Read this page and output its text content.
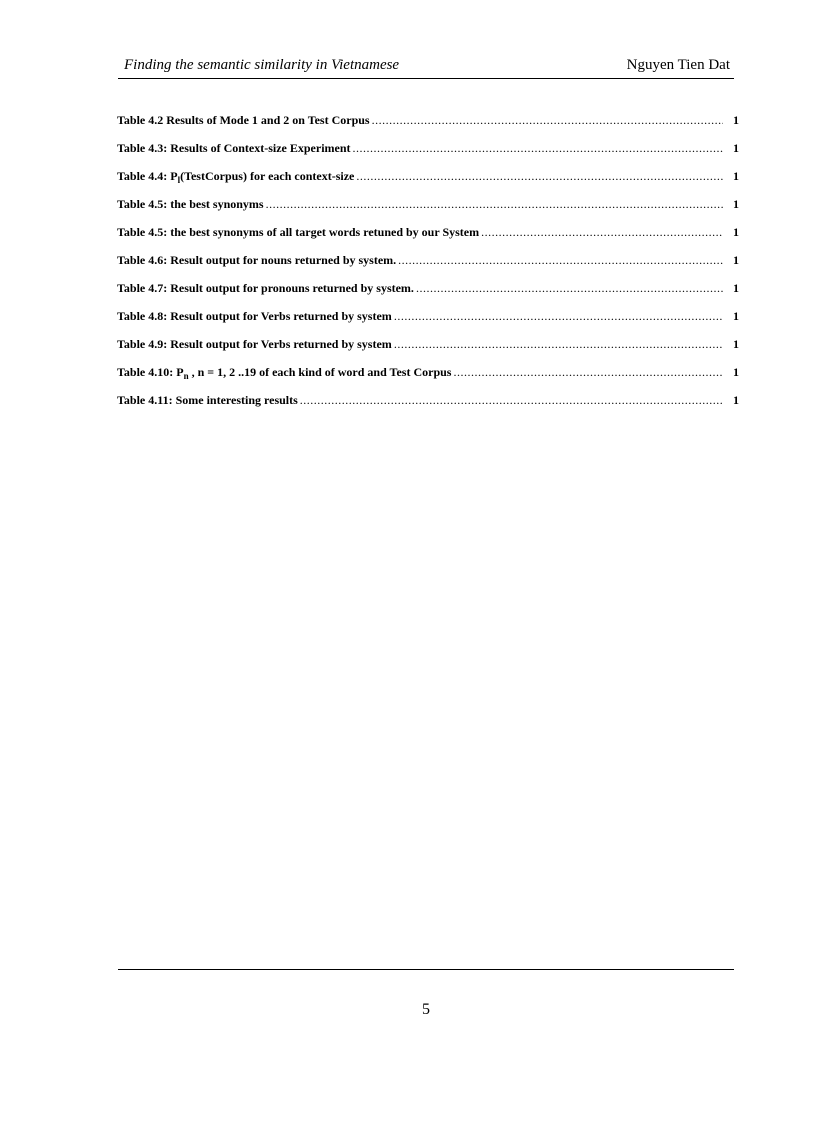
Finding the semantic similarity in Vietnamese	Nguyen Tien Dat
Table 4.2 Results of Mode 1 and 2 on Test Corpus .....	1
Table 4.3: Results of Context-size Experiment .....	1
Table 4.4: $P_l(TestCorpus)$ for each context-size .....	1
Table 4.5: the best synonyms .....	1
Table 4.5: the best synonyms of all target words retuned by our System .....	1
Table 4.6: Result output for nouns returned by system. .....	1
Table 4.7: Result output for pronouns returned by system. .....	1
Table 4.8: Result output for Verbs returned by system .....	1
Table 4.9: Result output for Verbs returned by system .....	1
Table 4.10: $P_n$ , n = 1, 2 ..19 of each kind of word and Test Corpus .....	1
Table 4.11: Some interesting results .....	1
5
